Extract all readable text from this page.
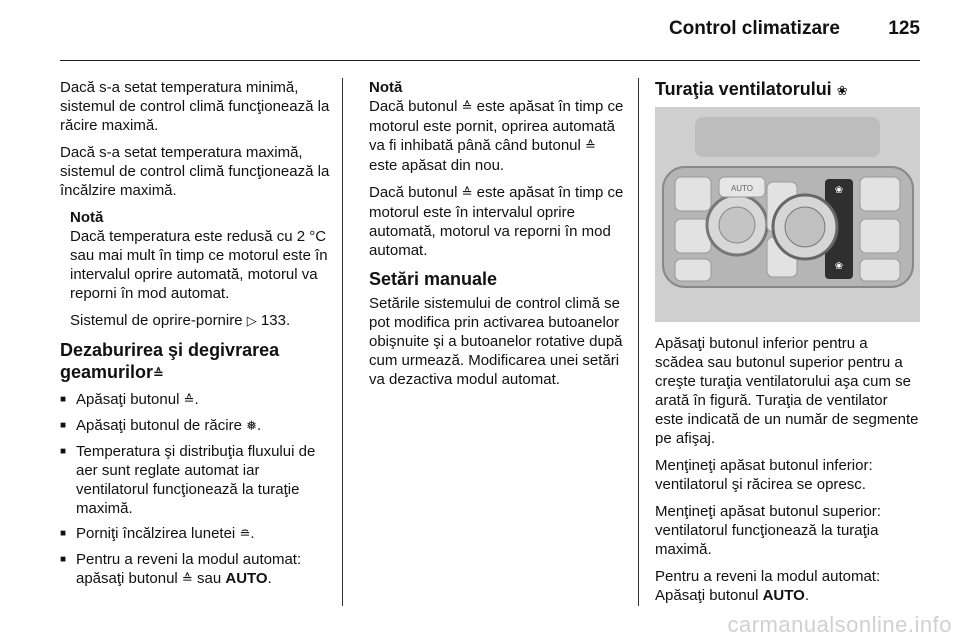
Control climatizare	125

Dacă s-a setat temperatura minimă, sistemul de control climă funcţionează la răcire maximă.

Dacă s-a setat temperatura maximă, sistemul de control climă funcţionează la încălzire maximă.

Notă

Dacă temperatura este redusă cu 2 °C sau mai mult în timp ce motorul este în intervalul oprire automată, motorul va reporni în mod automat.

Sistemul de oprire-pornire ▷ 133.

Dezaburirea şi degivrarea geamurilor≙
■ Apăsaţi butonul ≙.
■ Apăsaţi butonul de răcire ❅.
■ Temperatura şi distribuţia fluxului de aer sunt reglate automat iar ventilatorul funcţionează la turaţie maximă.
■ Porniţi încălzirea lunetei ≘.
■ Pentru a reveni la modul automat: apăsaţi butonul ≙ sau AUTO.
Notă

Dacă butonul ≙ este apăsat în timp ce motorul este pornit, oprirea automată va fi inhibată până când butonul ≙ este apăsat din nou.

Dacă butonul ≙ este apăsat în timp ce motorul este în intervalul oprire automată, motorul va reporni în mod automat.

Setări manuale

Setările sistemului de control climă se pot modifica prin activarea butoanelor obişnuite şi a butoanelor rotative după cum urmează. Modificarea unei setări va dezactiva modul automat.

Turaţia ventilatorului ❀
AUTO	❀
❀

Apăsaţi butonul inferior pentru a scădea sau butonul superior pentru a creşte turaţia ventilatorului aşa cum se arată în figură. Turaţia de ventilator este indicată de un număr de segmente pe afişaj.

Menţineţi apăsat butonul inferior: ventilatorul şi răcirea se opresc.

Menţineţi apăsat butonul superior: ventilatorul funcţionează la turaţia maximă.

Pentru a reveni la modul automat: Apăsaţi butonul AUTO.

carmanualsonline.info
